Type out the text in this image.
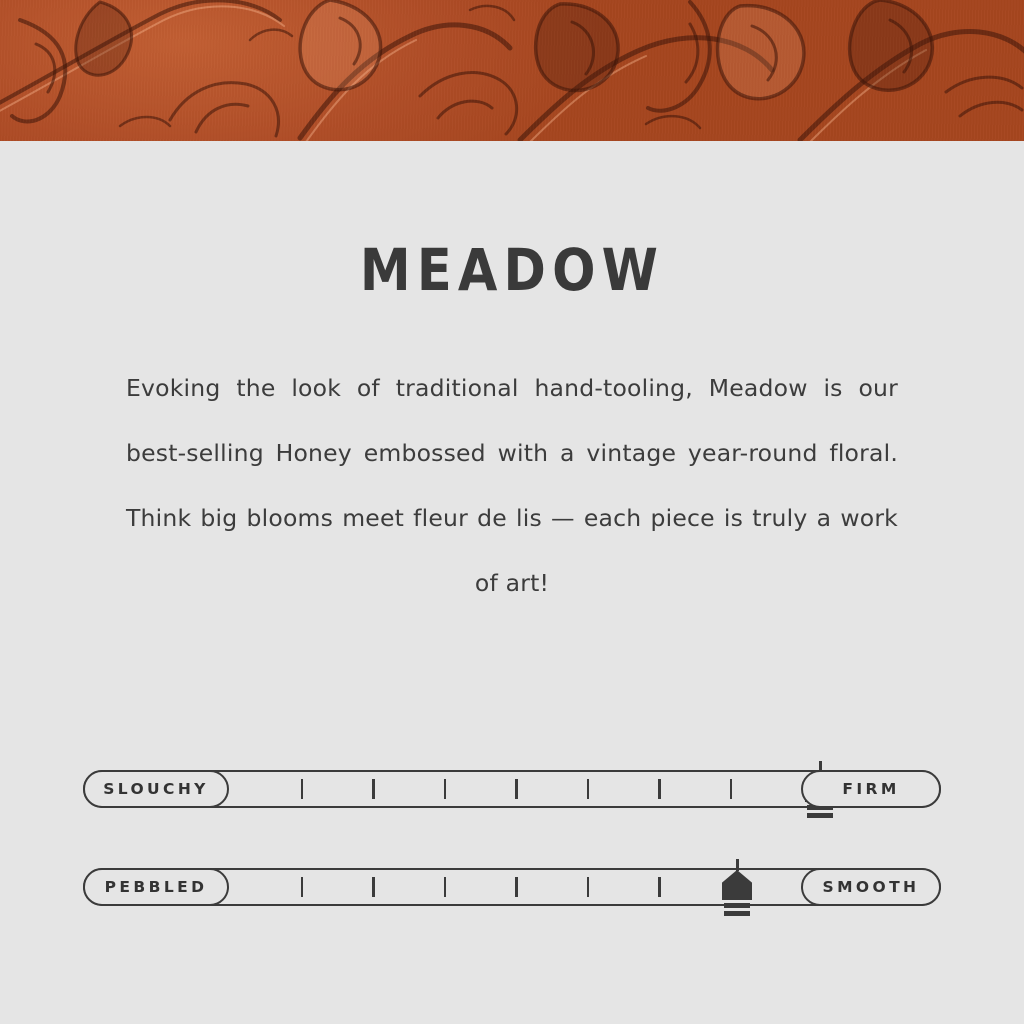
MEADOW

Evoking the look of traditional hand-tooling, Meadow is our best-selling Honey embossed with a vintage year-round floral. Think big blooms meet fleur de lis — each piece is truly a work of art!

SLOUCHY	FIRM
PEBBLED	SMOOTH
